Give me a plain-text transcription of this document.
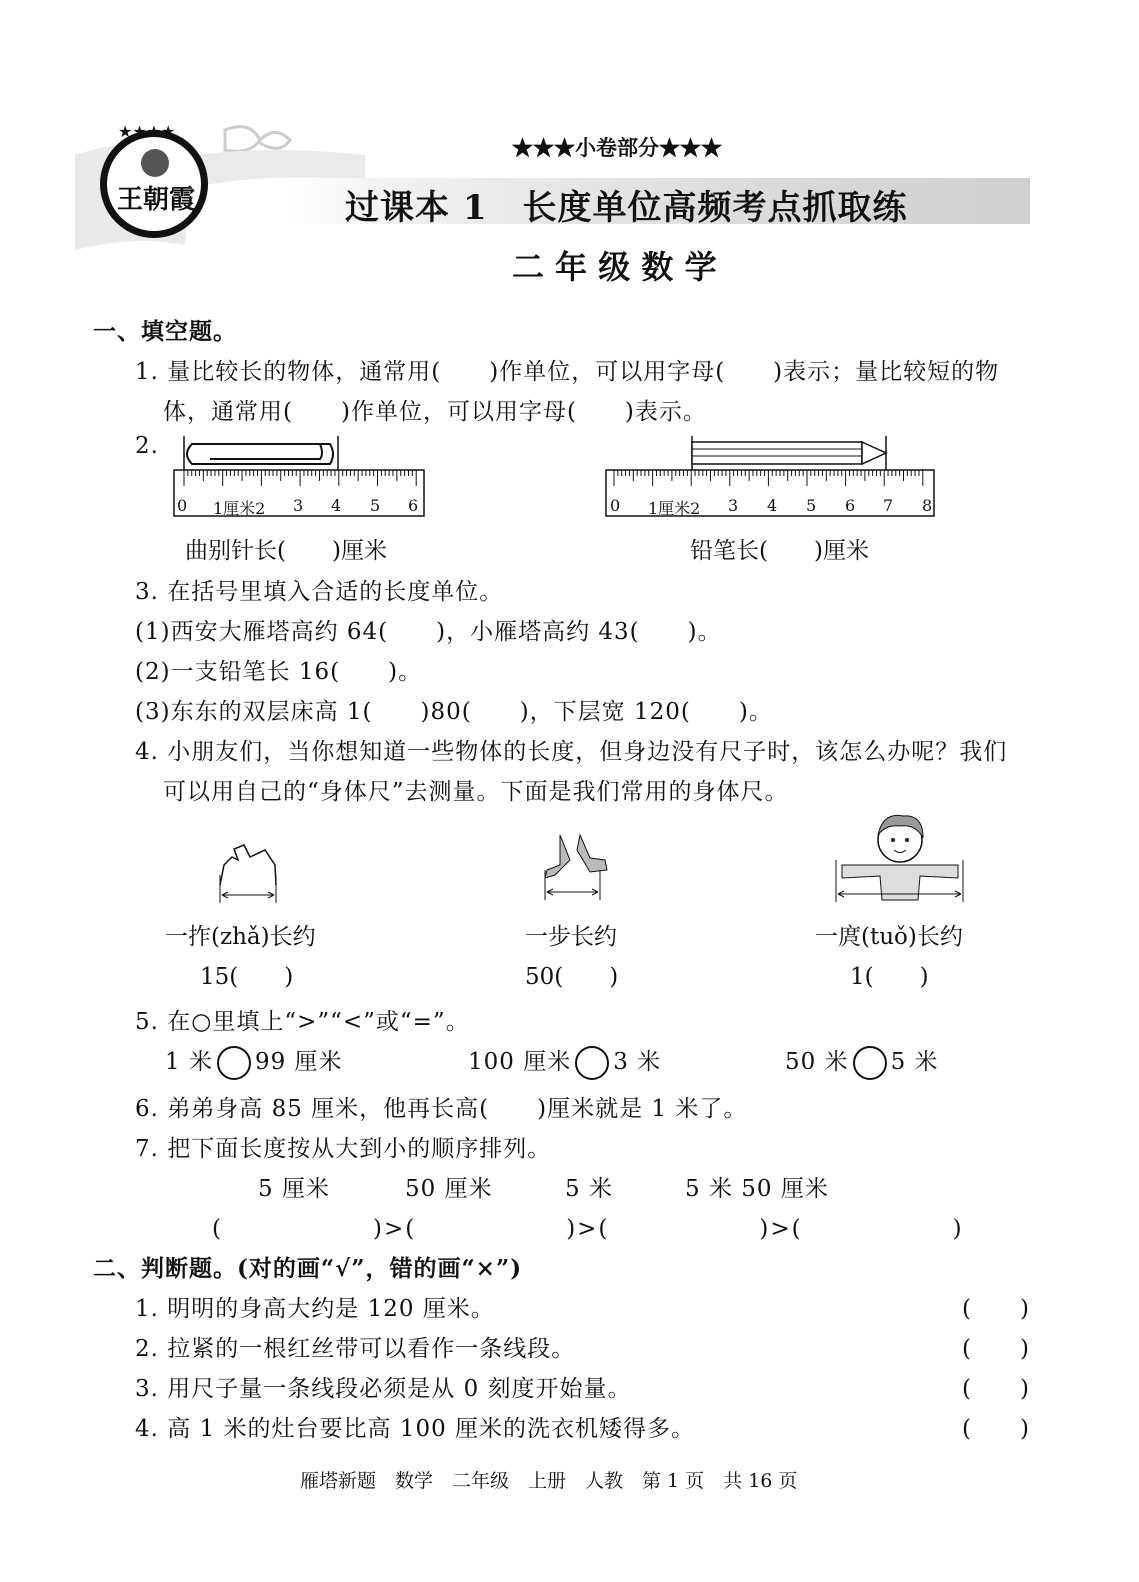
王朝霞
★★★★
★★★小卷部分★★★
过课本 1　长度单位高频考点抓取练
二 年 级 数 学
一、填空题。
1. 量比较长的物体，通常用(　　)作单位，可以用字母(　　)表示；量比较短的物
体，通常用(　　)作单位，可以用字母(　　)表示。
2.
0 1厘米2 3 4 5 6	0 1厘米2 3 4 5 6 7 8
曲别针长(　　)厘米	铅笔长(　　)厘米
3. 在括号里填入合适的长度单位。
(1)西安大雁塔高约 64(　　)，小雁塔高约 43(　　)。
(2)一支铅笔长 16(　　)。
(3)东东的双层床高 1(　　)80(　　)，下层宽 120(　　)。
4. 小朋友们，当你想知道一些物体的长度，但身边没有尺子时，该怎么办呢？我们
可以用自己的“身体尺”去测量。下面是我们常用的身体尺。
一拃(zhǎ)长约
15(　　)
一步长约
50(　　)
一庹(tuǒ)长约
1(　　)
5. 在○里填上“>”“<”或“=”。
1 米 99 厘米	100 厘米 3 米	50 米 5 米
6. 弟弟身高 85 厘米，他再长高(　　)厘米就是 1 米了。
7. 把下面长度按从大到小的顺序排列。
5 厘米	50 厘米	5 米	5 米 50 厘米
(　　　　　　)>(　　　　　　)>(　　　　　　)>(　　　　　　)
二、判断题。(对的画“√”，错的画“×”)
1. 明明的身高大约是 120 厘米。	(　　)
2. 拉紧的一根红丝带可以看作一条线段。	(　　)
3. 用尺子量一条线段必须是从 0 刻度开始量。	(　　)
4. 高 1 米的灶台要比高 100 厘米的洗衣机矮得多。	(　　)
雁塔新题　数学　二年级　上册　人教　第 1 页　共 16 页
